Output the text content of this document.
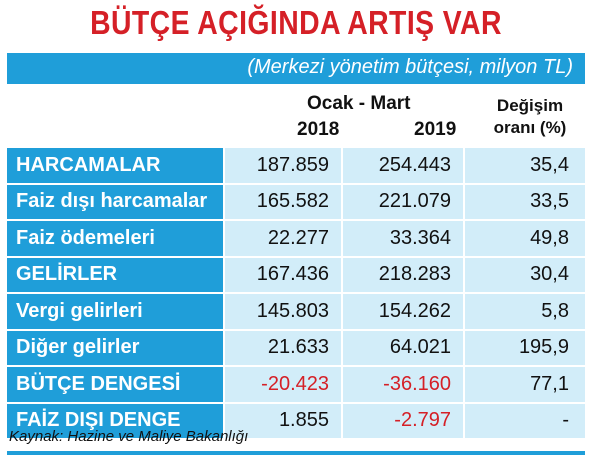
BÜTÇE AÇIĞINDA ARTIŞ VAR
(Merkezi yönetim bütçesi, milyon TL)
Ocak - Mart
2018	2019
Değişim
oranı (%)
HARCAMALAR	187.859	254.443	35,4
Faiz dışı harcamalar	165.582	221.079	33,5
Faiz ödemeleri	22.277	33.364	49,8
GELİRLER	167.436	218.283	30,4
Vergi gelirleri	145.803	154.262	5,8
Diğer gelirler	21.633	64.021	195,9
BÜTÇE DENGESİ	-20.423	-36.160	77,1
FAİZ DIŞI DENGE	1.855	-2.797	-
Kaynak: Hazine ve Maliye Bakanlığı
